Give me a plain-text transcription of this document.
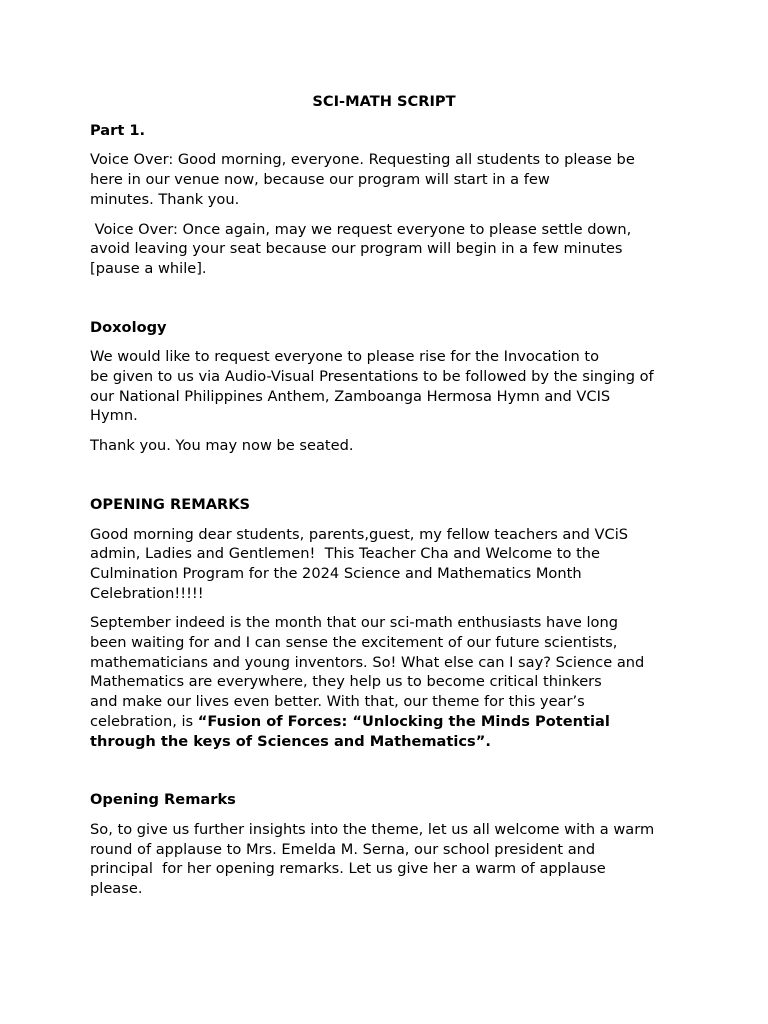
SCI-MATH SCRIPT
Part 1.

Voice Over: Good morning, everyone. Requesting all students to please be
here in our venue now, because our program will start in a few
minutes. Thank you.

Voice Over: Once again, may we request everyone to please settle down,
avoid leaving your seat because our program will begin in a few minutes
[pause a while].

Doxology

We would like to request everyone to please rise for the Invocation to
be given to us via Audio-Visual Presentations to be followed by the singing of
our National Philippines Anthem, Zamboanga Hermosa Hymn and VCIS
Hymn.

Thank you. You may now be seated.

OPENING REMARKS

Good morning dear students, parents,guest, my fellow teachers and VCiS
admin, Ladies and Gentlemen!  This Teacher Cha and Welcome to the
Culmination Program for the 2024 Science and Mathematics Month
Celebration!!!!!

September indeed is the month that our sci-math enthusiasts have long
been waiting for and I can sense the excitement of our future scientists,
mathematicians and young inventors. So! What else can I say? Science and
Mathematics are everywhere, they help us to become critical thinkers
and make our lives even better. With that, our theme for this year’s
celebration, is “Fusion of Forces: “Unlocking the Minds Potential
through the keys of Sciences and Mathematics”.

Opening Remarks

So, to give us further insights into the theme, let us all welcome with a warm
round of applause to Mrs. Emelda M. Serna, our school president and
principal  for her opening remarks. Let us give her a warm of applause
please.
